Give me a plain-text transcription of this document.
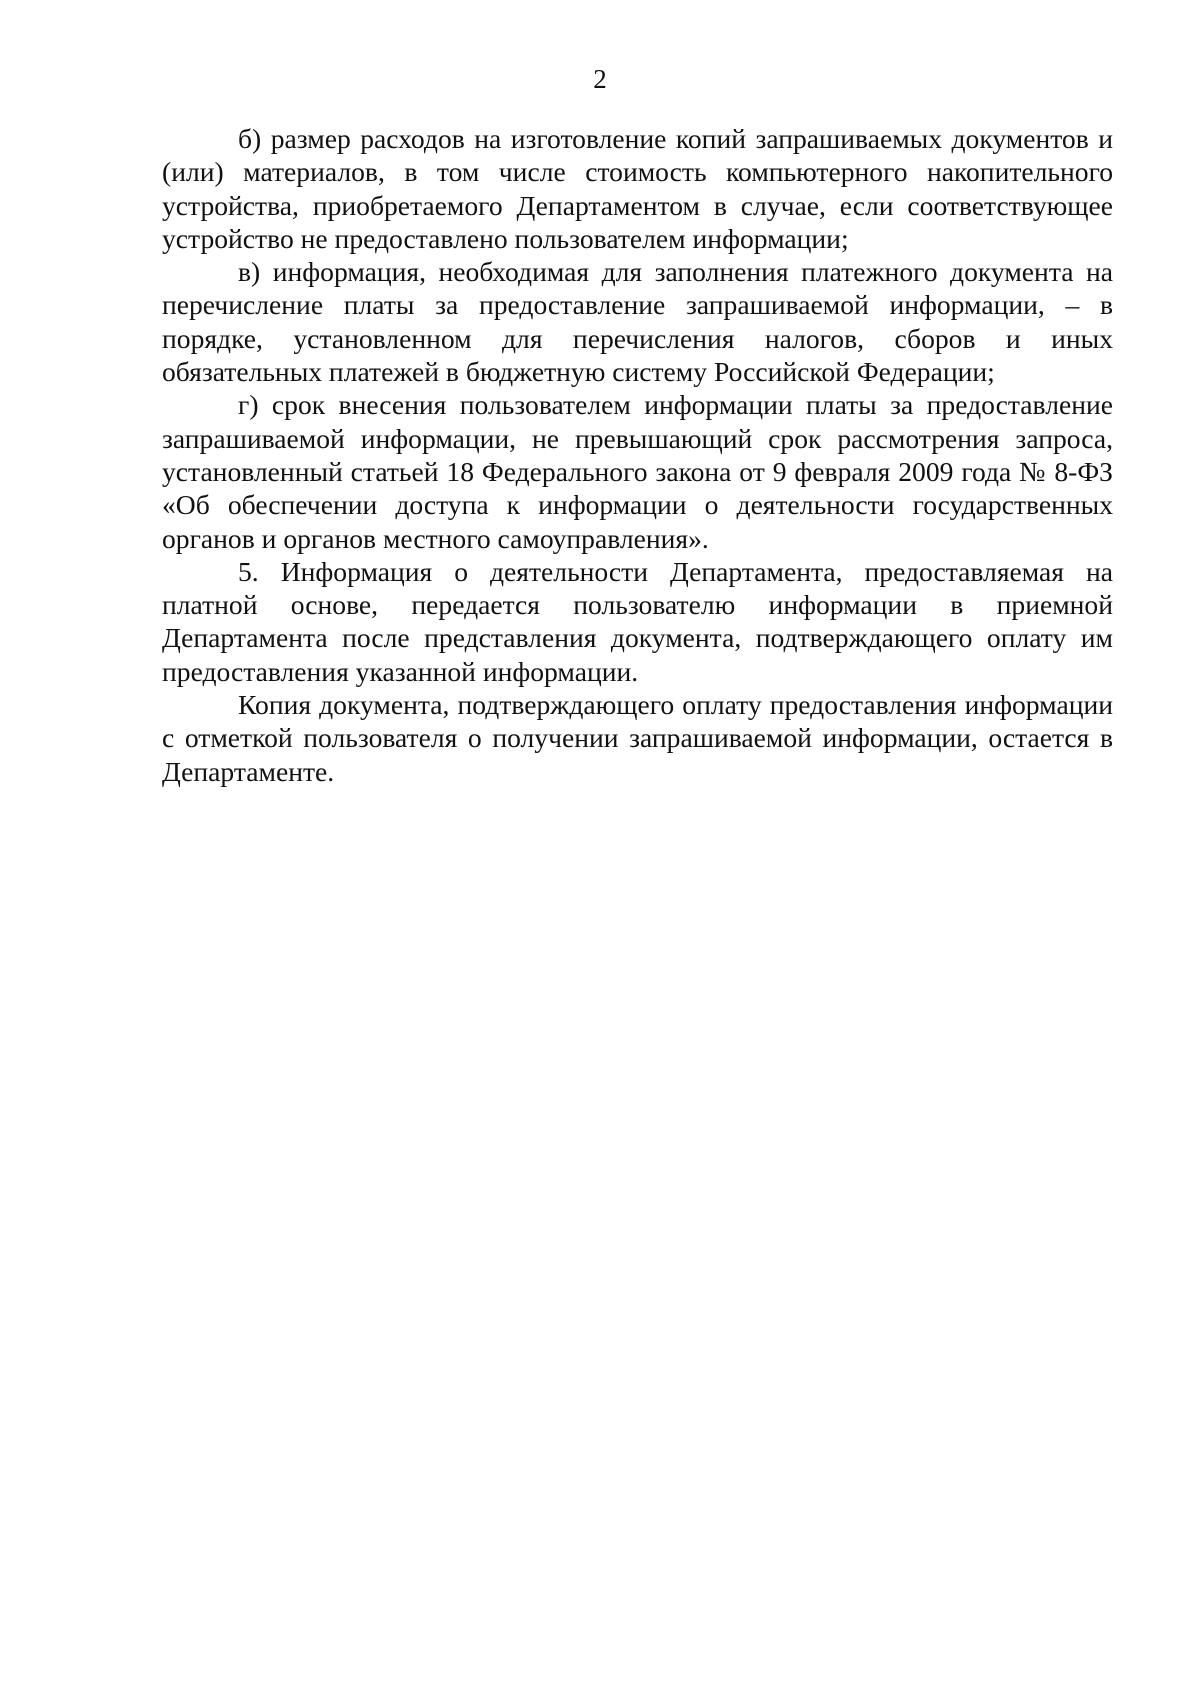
2

б) размер расходов на изготовление копий запрашиваемых документов и (или) материалов, в том числе стоимость компьютерного накопительного устройства, приобретаемого Департаментом в случае, если соответствующее устройство не предоставлено пользователем информации;

в) информация, необходимая для заполнения платежного документа на перечисление платы за предоставление запрашиваемой информации, – в порядке, установленном для перечисления налогов, сборов и иных обязательных платежей в бюджетную систему Российской Федерации;

г) срок внесения пользователем информации платы за предоставление запрашиваемой информации, не превышающий срок рассмотрения запроса, установленный статьей 18 Федерального закона от 9 февраля 2009 года № 8-ФЗ «Об обеспечении доступа к информации о деятельности государственных органов и органов местного самоуправления».

5. Информация о деятельности Департамента, предоставляемая на платной основе, передается пользователю информации в приемной Департамента после представления документа, подтверждающего оплату им предоставления указанной информации.

Копия документа, подтверждающего оплату предоставления информации с отметкой пользователя о получении запрашиваемой информации, остается в Департаменте.
